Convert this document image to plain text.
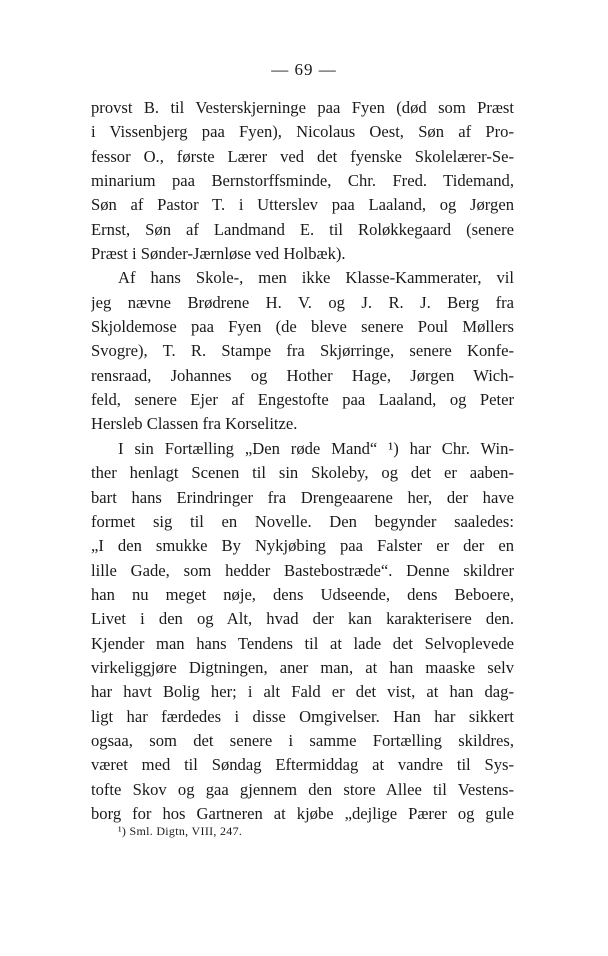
— 69 —
provst B. til Vesterskjerninge paa Fyen (død som Præst
i Vissenbjerg paa Fyen), Nicolaus Oest, Søn af Pro-
fessor O., første Lærer ved det fyenske Skolelærer-Se-
minarium paa Bernstorffsminde, Chr. Fred. Tidemand,
Søn af Pastor T. i Utterslev paa Laaland, og Jørgen
Ernst, Søn af Landmand E. til Roløkkegaard (senere
Præst i Sønder-Jærnløse ved Holbæk).
Af hans Skole-, men ikke Klasse-Kammerater, vil
jeg nævne Brødrene H. V. og J. R. J. Berg fra
Skjoldemose paa Fyen (de bleve senere Poul Møllers
Svogre), T. R. Stampe fra Skjørringe, senere Konfe-
rensraad, Johannes og Hother Hage, Jørgen Wich-
feld, senere Ejer af Engestofte paa Laaland, og Peter
Hersleb Classen fra Korselitze.
I sin Fortælling „Den røde Mand“ ¹) har Chr. Win-
ther henlagt Scenen til sin Skoleby, og det er aaben-
bart hans Erindringer fra Drengeaarene her, der have
formet sig til en Novelle. Den begynder saaledes:
„I den smukke By Nykjøbing paa Falster er der en
lille Gade, som hedder Bastebostræde“. Denne skildrer
han nu meget nøje, dens Udseende, dens Beboere,
Livet i den og Alt, hvad der kan karakterisere den.
Kjender man hans Tendens til at lade det Selvoplevede
virkeliggjøre Digtningen, aner man, at han maaske selv
har havt Bolig her; i alt Fald er det vist, at han dag-
ligt har færdedes i disse Omgivelser. Han har sikkert
ogsaa, som det senere i samme Fortælling skildres,
været med til Søndag Eftermiddag at vandre til Sys-
tofte Skov og gaa gjennem den store Allee til Vestens-
borg for hos Gartneren at kjøbe „dejlige Pærer og gule
¹) Sml. Digtn, VIII, 247.
